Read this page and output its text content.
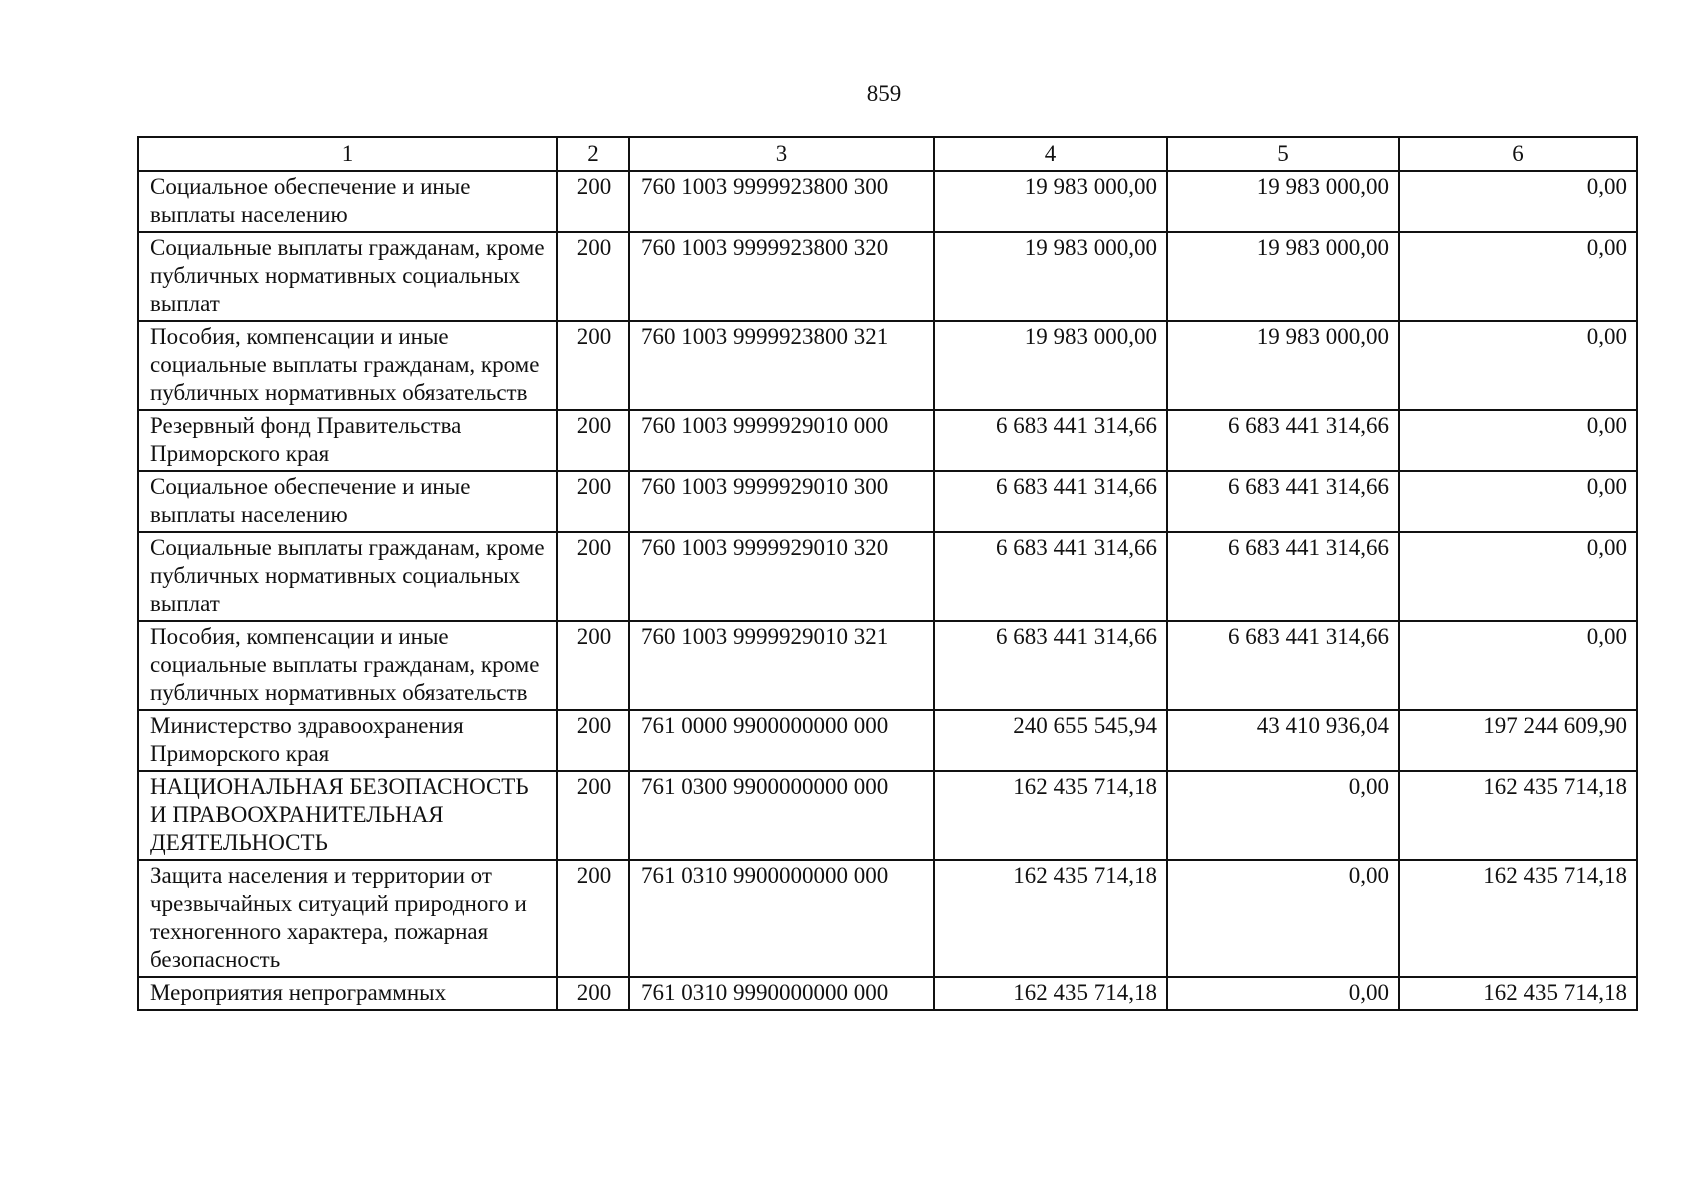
859
1	2	3	4	5	6
Социальное обеспечение и иные выплаты населению	200	760 1003 9999923800 300	19 983 000,00	19 983 000,00	0,00
Социальные выплаты гражданам, кроме публичных нормативных социальных выплат	200	760 1003 9999923800 320	19 983 000,00	19 983 000,00	0,00
Пособия, компенсации и иные социальные выплаты гражданам, кроме публичных нормативных обязательств	200	760 1003 9999923800 321	19 983 000,00	19 983 000,00	0,00
Резервный фонд Правительства Приморского края	200	760 1003 9999929010 000	6 683 441 314,66	6 683 441 314,66	0,00
Социальное обеспечение и иные выплаты населению	200	760 1003 9999929010 300	6 683 441 314,66	6 683 441 314,66	0,00
Социальные выплаты гражданам, кроме публичных нормативных социальных выплат	200	760 1003 9999929010 320	6 683 441 314,66	6 683 441 314,66	0,00
Пособия, компенсации и иные социальные выплаты гражданам, кроме публичных нормативных обязательств	200	760 1003 9999929010 321	6 683 441 314,66	6 683 441 314,66	0,00
Министерство здравоохранения Приморского края	200	761 0000 9900000000 000	240 655 545,94	43 410 936,04	197 244 609,90
НАЦИОНАЛЬНАЯ БЕЗОПАСНОСТЬ И ПРАВООХРАНИТЕЛЬНАЯ ДЕЯТЕЛЬНОСТЬ	200	761 0300 9900000000 000	162 435 714,18	0,00	162 435 714,18
Защита населения и территории от чрезвычайных ситуаций природного и техногенного характера, пожарная безопасность	200	761 0310 9900000000 000	162 435 714,18	0,00	162 435 714,18
Мероприятия непрограммных	200	761 0310 9990000000 000	162 435 714,18	0,00	162 435 714,18
